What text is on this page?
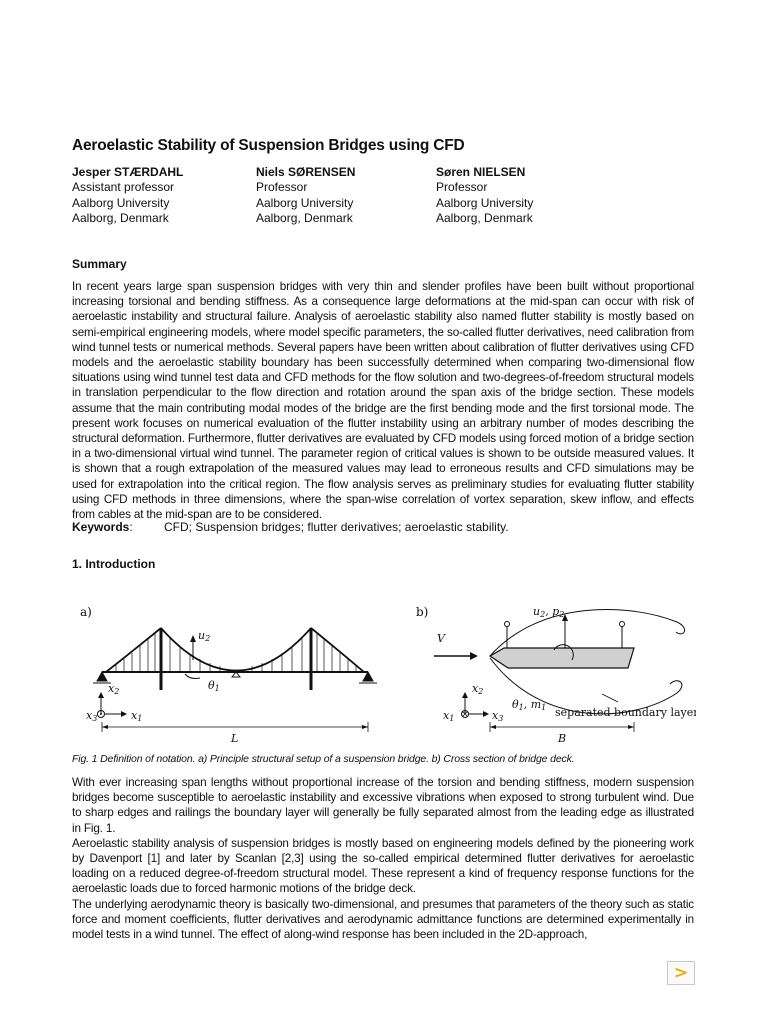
Aeroelastic Stability of Suspension Bridges using CFD
Jesper STÆRDAHL
Assistant professor
Aalborg University
Aalborg, Denmark
Niels SØRENSEN
Professor
Aalborg University
Aalborg, Denmark
Søren NIELSEN
Professor
Aalborg University
Aalborg, Denmark
Summary
In recent years large span suspension bridges with very thin and slender profiles have been built without proportional increasing torsional and bending stiffness. As a consequence large deformations at the mid-span can occur with risk of aeroelastic instability and structural failure. Analysis of aeroelastic stability also named flutter stability is mostly based on semi-empirical engineering models, where model specific parameters, the so-called flutter derivatives, need calibration from wind tunnel tests or numerical methods. Several papers have been written about calibration of flutter derivatives using CFD models and the aeroelastic stability boundary has been successfully determined when comparing two-dimensional flow situations using wind tunnel test data and CFD methods for the flow solution and two-degrees-of-freedom structural models in translation perpendicular to the flow direction and rotation around the span axis of the bridge section. These models assume that the main contributing modal modes of the bridge are the first bending mode and the first torsional mode. The present work focuses on numerical evaluation of the flutter instability using an arbitrary number of modes describing the structural deformation. Furthermore, flutter derivatives are evaluated by CFD models using forced motion of a bridge section in a two-dimensional virtual wind tunnel. The parameter region of critical values is shown to be outside measured values. It is shown that a rough extrapolation of the measured values may lead to erroneous results and CFD simulations may be used for extrapolation into the critical region. The flow analysis serves as preliminary studies for evaluating flutter stability using CFD methods in three dimensions, where the span-wise correlation of vortex separation, skew inflow, and effects from cables at the mid-span are to be considered.
Keywords:	CFD; Suspension bridges; flutter derivatives; aeroelastic stability.
1. Introduction
a)
u2
θ1
x2
x3	x1
L
b)	u2, p2
V
θ1, m1
x2
x1	x3	separated boundary layer
B
Fig. 1 Definition of notation. a) Principle structural setup of a suspension bridge. b) Cross section of bridge deck.

With ever increasing span lengths without proportional increase of the torsion and bending stiffness, modern suspension bridges become susceptible to aeroelastic instability and excessive vibrations when exposed to strong turbulent wind. Due to sharp edges and railings the boundary layer will generally be fully separated almost from the leading edge as illustrated in Fig. 1.

Aeroelastic stability analysis of suspension bridges is mostly based on engineering models defined by the pioneering work by Davenport [1] and later by Scanlan [2,3] using the so-called empirical determined flutter derivatives for aeroelastic loading on a reduced degree-of-freedom structural model. These represent a kind of frequency response functions for the aeroelastic loads due to forced harmonic motions of the bridge deck.

The underlying aerodynamic theory is basically two-dimensional, and presumes that parameters of the theory such as static force and moment coefficients, flutter derivatives and aerodynamic admittance functions are determined experimentally in model tests in a wind tunnel. The effect of along-wind response has been included in the 2D-approach,

>
